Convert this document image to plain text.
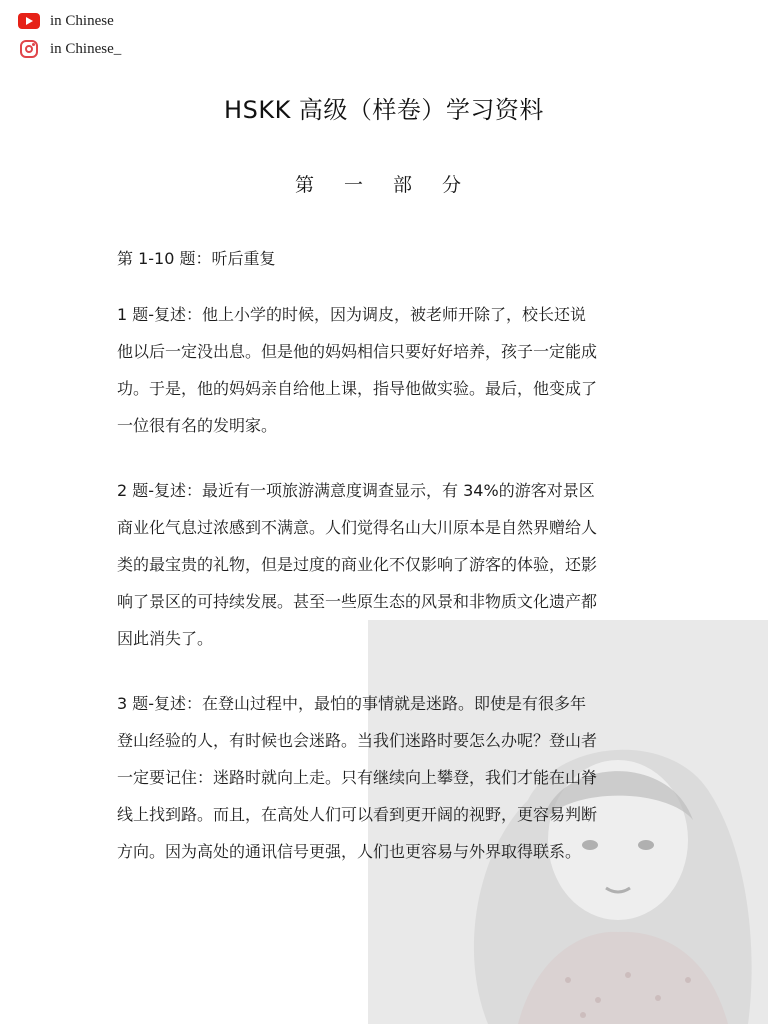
in Chinese
in Chinese_
HSKK 高级（样卷）学习资料
第 一 部 分
第 1-10 题：听后重复
1 题-复述：他上小学的时候，因为调皮，被老师开除了，校长还说
他以后一定没出息。但是他的妈妈相信只要好好培养，孩子一定能成
功。于是，他的妈妈亲自给他上课，指导他做实验。最后，他变成了
一位很有名的发明家。
2 题-复述：最近有一项旅游满意度调查显示，有 34%的游客对景区
商业化气息过浓感到不满意。人们觉得名山大川原本是自然界赠给人
类的最宝贵的礼物，但是过度的商业化不仅影响了游客的体验，还影
响了景区的可持续发展。甚至一些原生态的风景和非物质文化遗产都
因此消失了。
3 题-复述：在登山过程中，最怕的事情就是迷路。即使是有很多年
登山经验的人，有时候也会迷路。当我们迷路时要怎么办呢？登山者
一定要记住：迷路时就向上走。只有继续向上攀登，我们才能在山脊
线上找到路。而且，在高处人们可以看到更开阔的视野，更容易判断
方向。因为高处的通讯信号更强，人们也更容易与外界取得联系。
